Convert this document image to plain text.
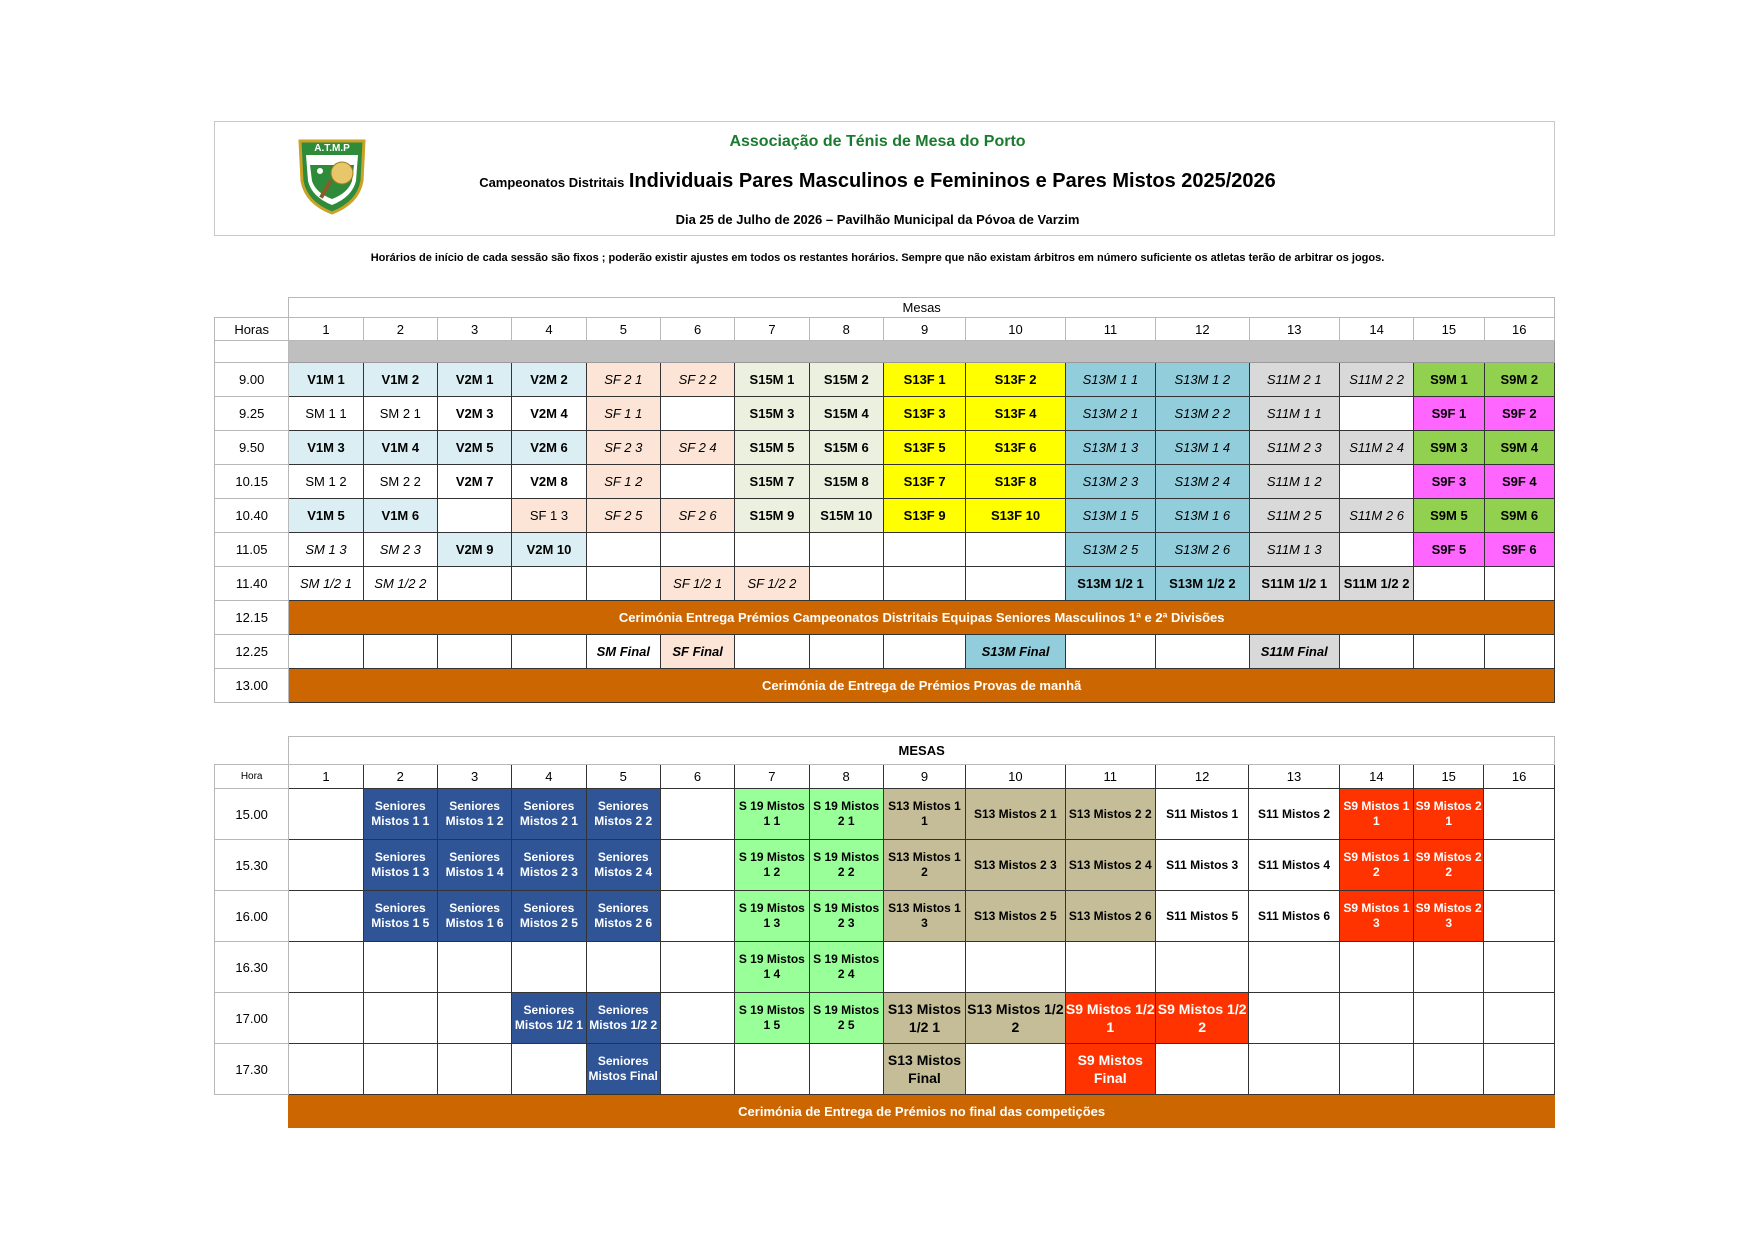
A.T.M.P	Associação de Ténis de Mesa do Porto
Campeonatos Distritais Individuais Pares Masculinos e Femininos e Pares Mistos 2025/2026
Dia 25 de Julho de 2026 – Pavilhão Municipal da Póvoa de Varzim
Horários de início de cada sessão são fixos ; poderão existir ajustes em todos os restantes horários. Sempre que não existam árbitros em número suficiente os atletas terão de arbitrar os jogos.
	Mesas															
Horas	1	2	3	4	5	6	7	8	9	10	11	12	13	14	15	16

9.00	V1M 1	V1M 2	V2M 1	V2M 2	SF 2 1	SF 2 2	S15M 1	S15M 2	S13F 1	S13F 2	S13M 1 1	S13M 1 2	S11M 2 1	S11M 2 2	S9M 1	S9M 2
9.25	SM 1 1	SM 2 1	V2M 3	V2M 4	SF 1 1		S15M 3	S15M 4	S13F 3	S13F 4	S13M 2 1	S13M 2 2	S11M 1 1		S9F 1	S9F 2
9.50	V1M 3	V1M 4	V2M 5	V2M 6	SF 2 3	SF 2 4	S15M 5	S15M 6	S13F 5	S13F 6	S13M 1 3	S13M 1 4	S11M 2 3	S11M 2 4	S9M 3	S9M 4
10.15	SM 1 2	SM 2 2	V2M 7	V2M 8	SF 1 2		S15M 7	S15M 8	S13F 7	S13F 8	S13M 2 3	S13M 2 4	S11M 1 2		S9F 3	S9F 4
10.40	V1M 5	V1M 6		SF 1 3	SF 2 5	SF 2 6	S15M 9	S15M 10	S13F 9	S13F 10	S13M 1 5	S13M 1 6	S11M 2 5	S11M 2 6	S9M 5	S9M 6
11.05	SM 1 3	SM 2 3	V2M 9	V2M 10							S13M 2 5	S13M 2 6	S11M 1 3		S9F 5	S9F 6
11.40	SM 1/2 1	SM 1/2 2				SF 1/2 1	SF 1/2 2				S13M 1/2 1	S13M 1/2 2	S11M 1/2 1	S11M 1/2 2		
12.15	Cerimónia Entrega Prémios Campeonatos Distritais Equipas Seniores Masculinos 1ª e 2ª Divisões															
12.25					SM Final	SF Final				S13M Final			S11M Final			
13.00	Cerimónia de Entrega de Prémios Provas de manhã															
	MESAS															
Hora	1	2	3	4	5	6	7	8	9	10	11	12	13	14	15	16
15.00		Seniores Mistos 1 1	Seniores Mistos 1 2	Seniores Mistos 2 1	Seniores Mistos 2 2		S 19 Mistos 1 1	S 19 Mistos 2 1	S13 Mistos 1 1	S13 Mistos 2 1	S13 Mistos 2 2	S11 Mistos 1	S11 Mistos 2	S9 Mistos 1 1	S9 Mistos 2 1	
15.30		Seniores Mistos 1 3	Seniores Mistos 1 4	Seniores Mistos 2 3	Seniores Mistos 2 4		S 19 Mistos 1 2	S 19 Mistos 2 2	S13 Mistos 1 2	S13 Mistos 2 3	S13 Mistos 2 4	S11 Mistos 3	S11 Mistos 4	S9 Mistos 1 2	S9 Mistos 2 2	
16.00		Seniores Mistos 1 5	Seniores Mistos 1 6	Seniores Mistos 2 5	Seniores Mistos 2 6		S 19 Mistos 1 3	S 19 Mistos 2 3	S13 Mistos 1 3	S13 Mistos 2 5	S13 Mistos 2 6	S11 Mistos 5	S11 Mistos 6	S9 Mistos 1 3	S9 Mistos 2 3	
16.30							S 19 Mistos 1 4	S 19 Mistos 2 4								
17.00				Seniores Mistos 1/2 1	Seniores Mistos 1/2 2		S 19 Mistos 1 5	S 19 Mistos 2 5	S13 Mistos 1/2 1	S13 Mistos 1/2 2	S9 Mistos 1/2 1	S9 Mistos 1/2 2				
17.30					Seniores Mistos Final				S13 Mistos Final		S9 Mistos Final					
	Cerimónia de Entrega de Prémios no final das competições															
